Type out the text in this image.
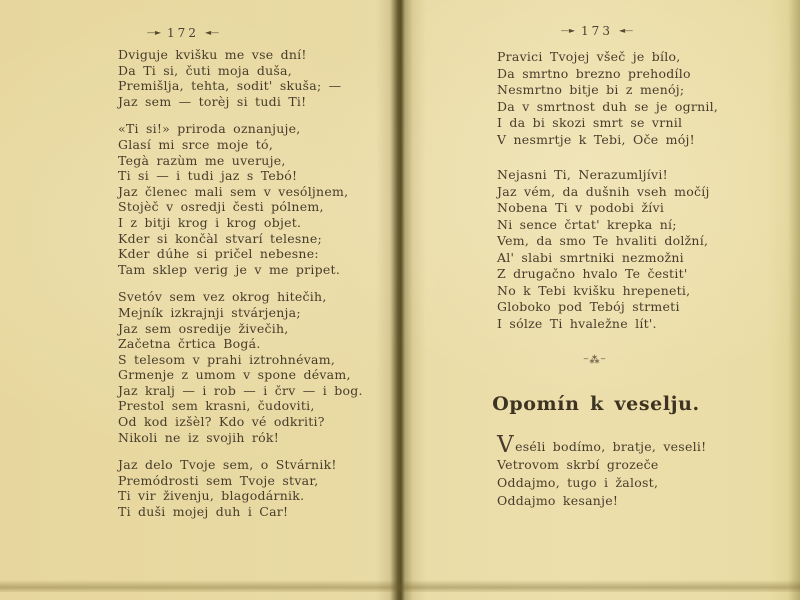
—► 172 ◄—	—► 173 ◄—
Dviguje kvišku me vse dní!
Da Ti si, čuti moja duša,
Premišlja, tehta, sodit' skuša; —
Jaz sem — torèj si tudi Ti!
«Ti si!» priroda oznanjuje,
Glasí mi srce moje tó,
Tegà razùm me uveruje,
Ti si — i tudi jaz s Tebó!
Jaz členec mali sem v vesóljnem,
Stojèč v osredji česti pólnem,
I z bitji krog i krog objet.
Kder si končàl stvarí telesne;
Kder dúhe si pričel nebesne:
Tam sklep verig je v me pripet.
Svetóv sem vez okrog hitečih,
Mejník izkrajnji stvárjenja;
Jaz sem osredije živečih,
Začetna črtica Bogá.
S telesom v prahi iztrohnévam,
Grmenje z umom v spone dévam,
Jaz kralj — i rob — i črv — i bog.
Prestol sem krasni, čudoviti,
Od kod izšèl? Kdo vé odkriti?
Nikoli ne iz svojih rók!
Jaz delo Tvoje sem, o Stvárnik!
Premódrosti sem Tvoje stvar,
Ti vir živenju, blagodárnik.
Ti duši mojej duh i Car!
Pravici Tvojej všeč je bílo,
Da smrtno brezno prehodílo
Nesmrtno bitje bi z menój;
Da v smrtnost duh se je ogrnil,
I da bi skozi smrt se vrnil
V nesmrtje k Tebi, Oče mój!
Nejasni Ti, Nerazumljívi!
Jaz vém, da dušnih vseh močíj
Nobena Ti v podobi žívi
Ni sence črtat' krepka ní;
Vem, da smo Te hvaliti dolžní,
Al' slabi smrtniki nezmožni
Z drugačno hvalo Te čestit'
No k Tebi kvišku hrepeneti,
Globoko pod Tebój strmeti
I sólze Ti hvaležne lít'.
‒⁂‒
Opomín k veselju.
Veséli bodímo, bratje, veseli!
Vetrovom skrbí grozeče
Oddajmo, tugo i žalost,
Oddajmo kesanje!
